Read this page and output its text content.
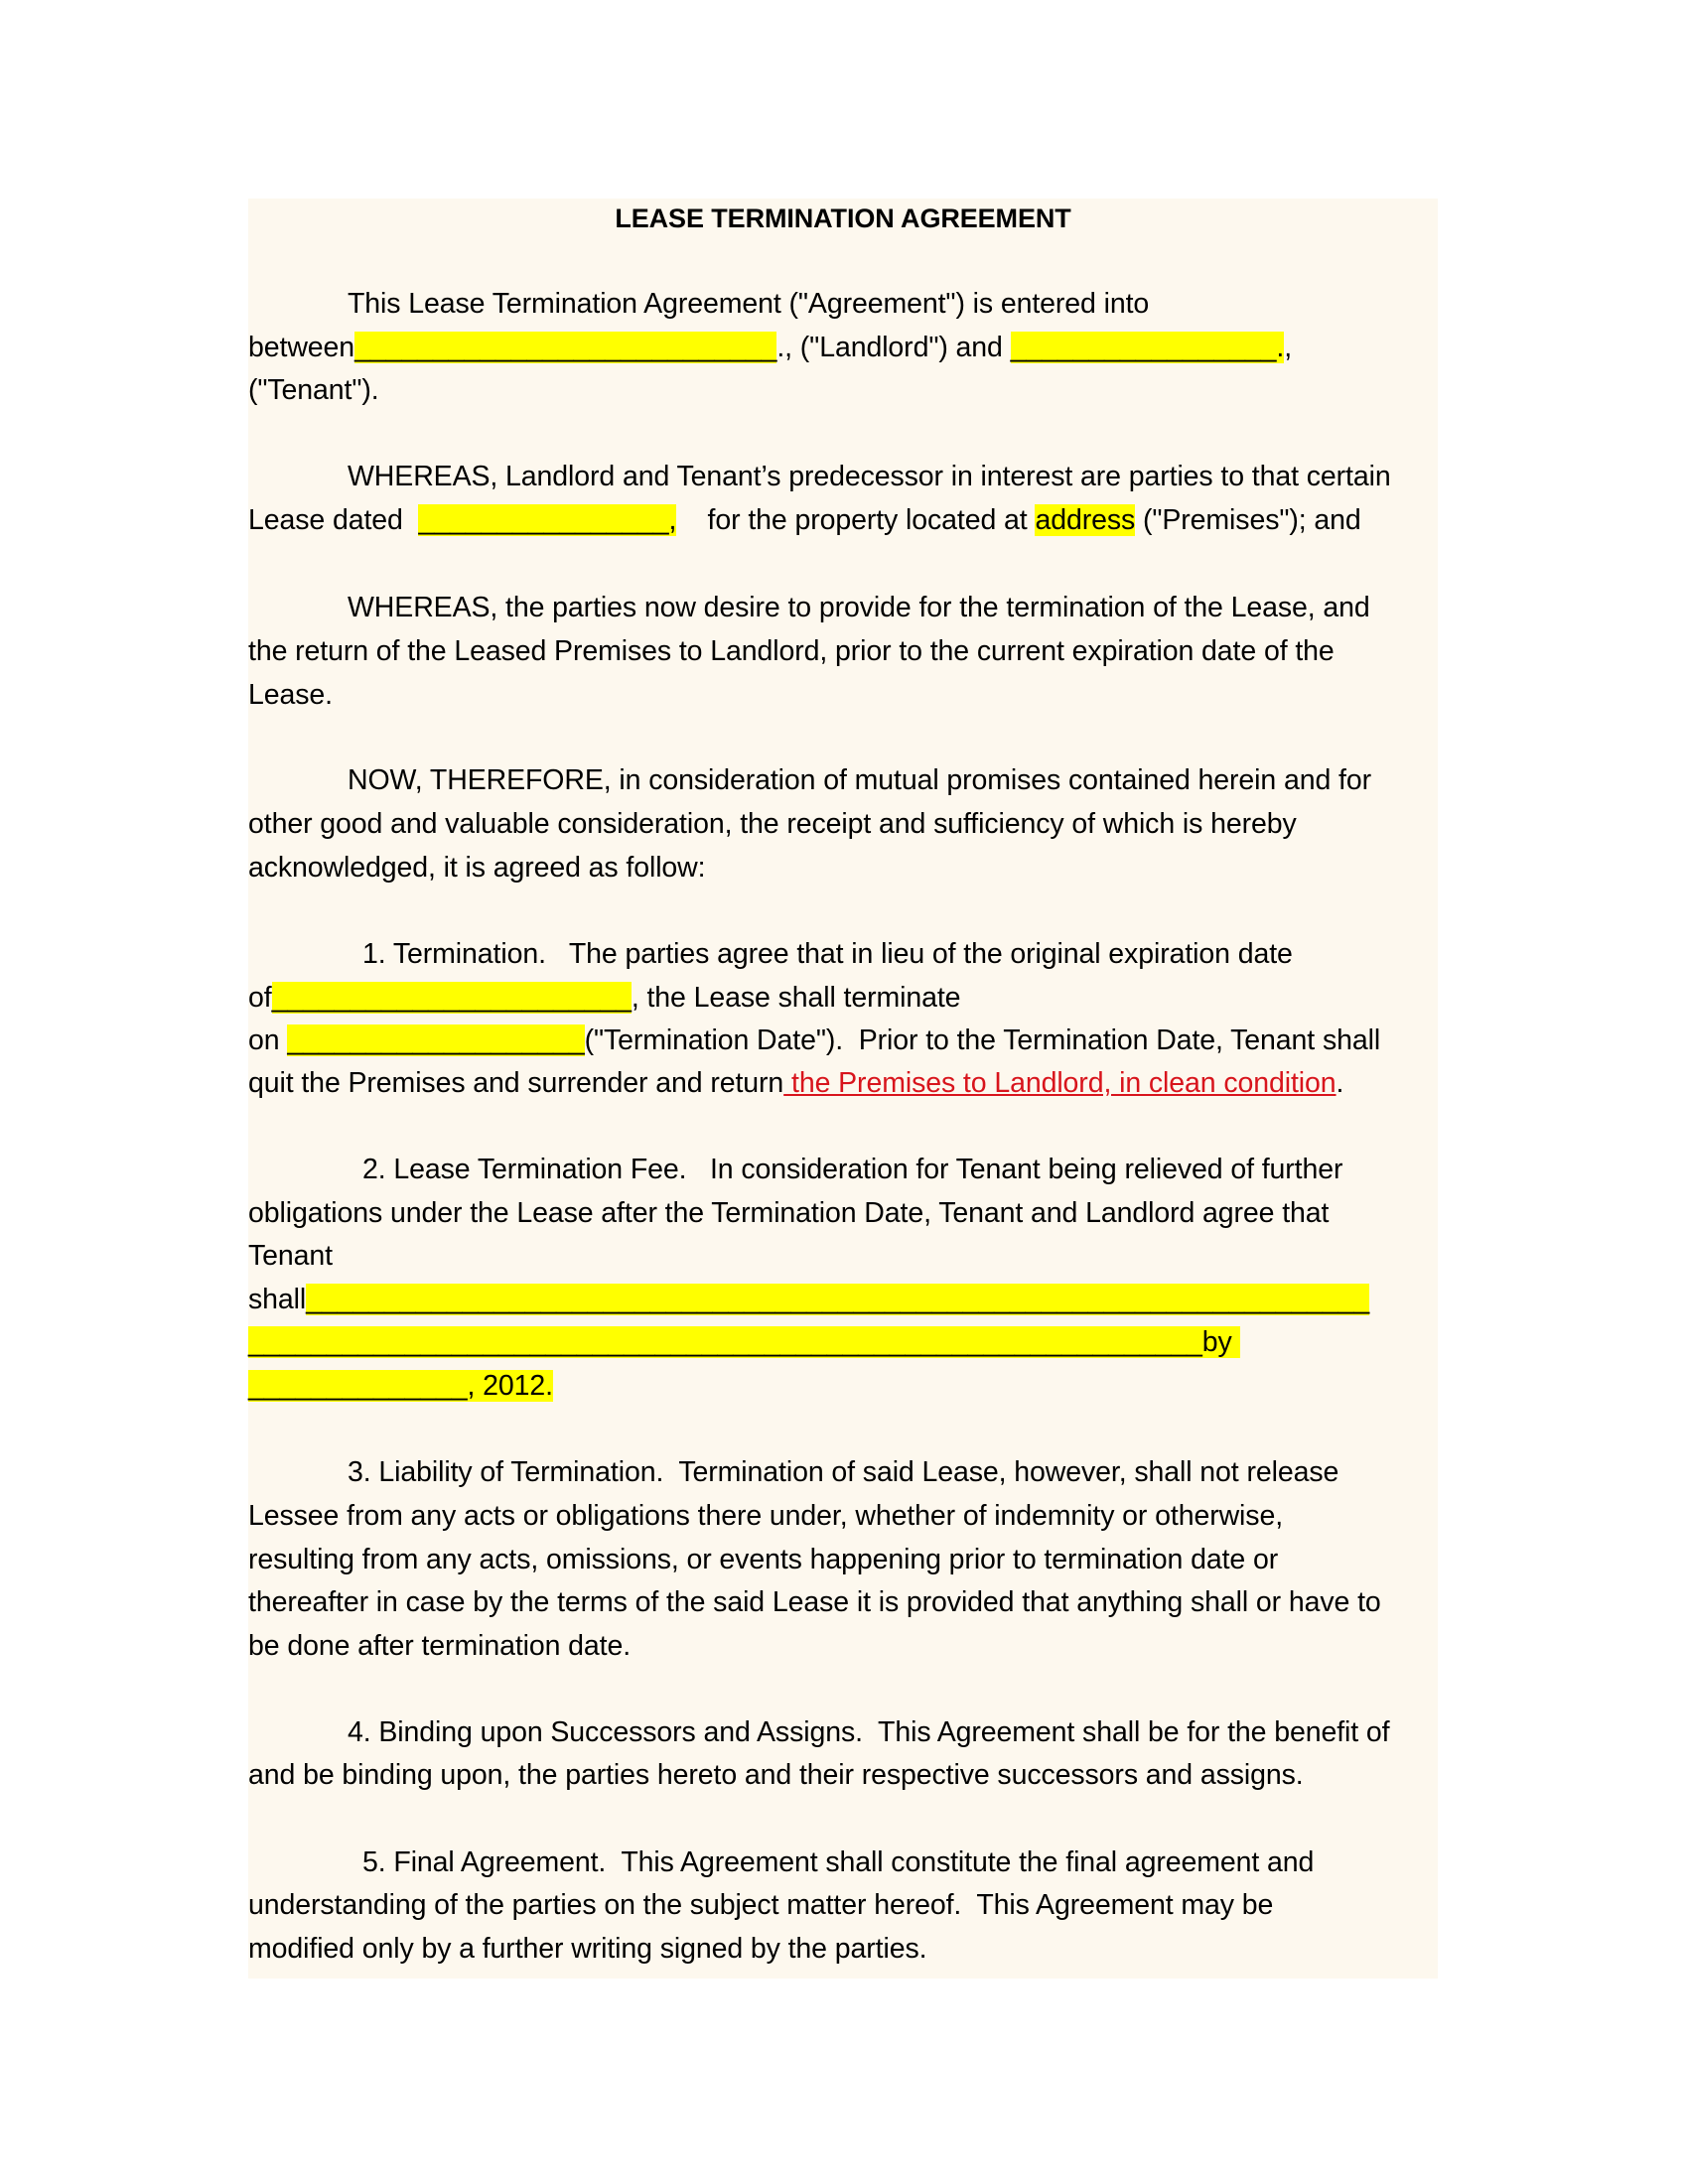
LEASE TERMINATION AGREEMENT
This Lease Termination Agreement ("Agreement") is entered into
between___________________________., ("Landlord") and _________________.,
("Tenant").
WHEREAS, Landlord and Tenant’s predecessor in interest are parties to that certain
Lease dated  ________________,    for the property located at address ("Premises"); and
WHEREAS, the parties now desire to provide for the termination of the Lease, and
the return of the Leased Premises to Landlord, prior to the current expiration date of the
Lease.
NOW, THEREFORE, in consideration of mutual promises contained herein and for
other good and valuable consideration, the receipt and sufficiency of which is hereby
acknowledged, it is agreed as follow:
1. Termination.   The parties agree that in lieu of the original expiration date
of_______________________, the Lease shall terminate
on ___________________("Termination Date").  Prior to the Termination Date, Tenant shall
quit the Premises and surrender and return the Premises to Landlord, in clean condition.
2. Lease Termination Fee.   In consideration for Tenant being relieved of further
obligations under the Lease after the Termination Date, Tenant and Landlord agree that
Tenant
shall____________________________________________________________________
_____________________________________________________________by
______________, 2012.
3. Liability of Termination.  Termination of said Lease, however, shall not release
Lessee from any acts or obligations there under, whether of indemnity or otherwise,
resulting from any acts, omissions, or events happening prior to termination date or
thereafter in case by the terms of the said Lease it is provided that anything shall or have to
be done after termination date.
4. Binding upon Successors and Assigns.  This Agreement shall be for the benefit of
and be binding upon, the parties hereto and their respective successors and assigns.
5. Final Agreement.  This Agreement shall constitute the final agreement and
understanding of the parties on the subject matter hereof.  This Agreement may be
modified only by a further writing signed by the parties.
